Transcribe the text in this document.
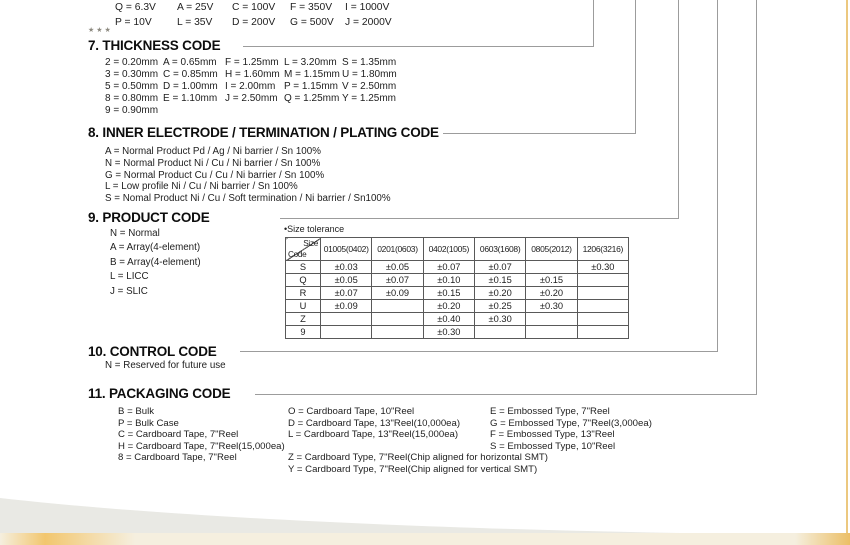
Q = 6.3V	A = 25V	C = 100V	F = 350V	I = 1000V
P = 10V	L = 35V	D = 200V	G = 500V	J = 2000V
★★★
7. THICKNESS CODE
2 = 0.20mm A = 0.65mm F = 1.25mm L = 3.20mm S = 1.35mm
3 = 0.30mm C = 0.85mm H = 1.60mm M = 1.15mm U = 1.80mm
5 = 0.50mm D = 1.00mm I = 2.00mm P = 1.15mm V = 2.50mm
8 = 0.80mm E = 1.10mm J = 2.50mm Q = 1.25mm Y = 1.25mm
9 = 0.90mm
8. INNER ELECTRODE / TERMINATION / PLATING CODE
A = Normal Product Pd / Ag / Ni barrier / Sn 100%
N = Normal Product Ni / Cu / Ni barrier / Sn 100%
G = Normal Product Cu / Cu / Ni barrier / Sn 100%
L = Low profile Ni / Cu / Ni barrier / Sn 100%
S = Nomal Product Ni / Cu / Soft termination / Ni barrier / Sn100%
9. PRODUCT CODE
N = Normal
A = Array(4-element)
B = Array(4-element)
L = LICC
J = SLIC
•Size tolerance
Size
Code	01005(0402)	0201(0603)	0402(1005)	0603(1608)	0805(2012)	1206(3216)
S	±0.03	±0.05	±0.07	±0.07		±0.30
Q	±0.05	±0.07	±0.10	±0.15	±0.15	
R	±0.07	±0.09	±0.15	±0.20	±0.20	
U	±0.09		±0.20	±0.25	±0.30	
Z			±0.40	±0.30		
9			±0.30			
10. CONTROL CODE
N = Reserved for future use
11. PACKAGING CODE
B = Bulk
P = Bulk Case
C = Cardboard Tape, 7"Reel
H = Cardboard Tape, 7"Reel(15,000ea)
8 = Cardboard Tape, 7"Reel
O = Cardboard Tape, 10"Reel
D = Cardboard Tape, 13"Reel(10,000ea)
L = Cardboard Tape, 13"Reel(15,000ea)
Z = Cardboard Type, 7"Reel(Chip aligned for horizontal SMT)
Y = Cardboard Type, 7"Reel(Chip aligned for vertical SMT)
E = Embossed Type, 7"Reel
G = Embossed Type, 7"Reel(3,000ea)
F = Embossed Type, 13"Reel
S = Embossed Type, 10"Reel
